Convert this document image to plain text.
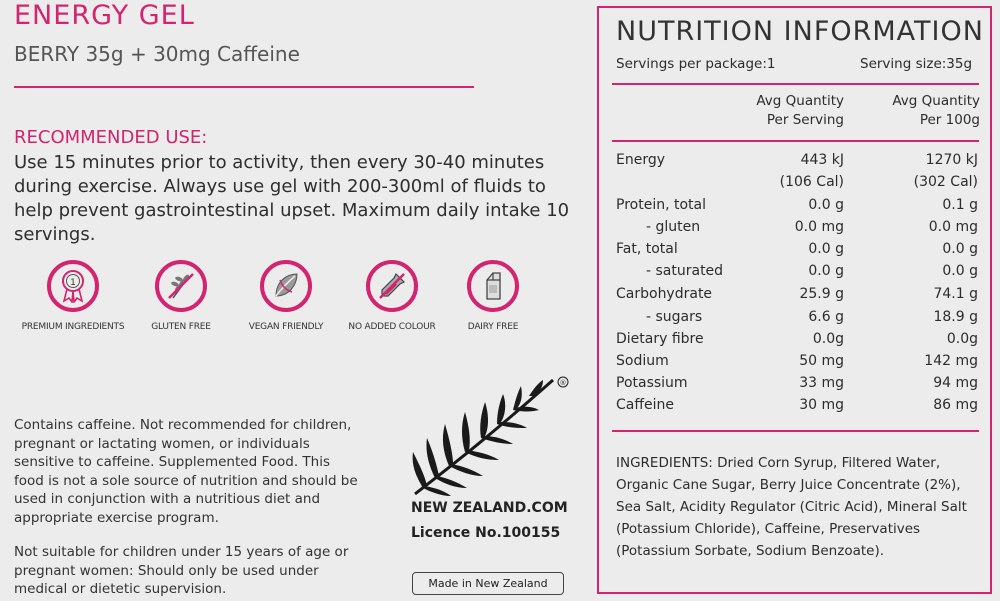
ENERGY GEL
BERRY 35g + 30mg Caffeine
RECOMMENDED USE:
Use 15 minutes prior to activity, then every 30-40 minutes during exercise. Always use gel with 200-300ml of fluids to help prevent gastrointestinal upset. Maximum daily intake 10 servings.
1
PREMIUM INGREDIENTS	GLUTEN FREE	VEGAN FRIENDLY	NO ADDED COLOUR	DAIRY FREE
Contains caffeine. Not recommended for children, pregnant or lactating women, or individuals sensitive to caffeine. Supplemented Food. This food is not a sole source of nutrition and should be used in conjunction with a nutritious diet and appropriate exercise program.
Not suitable for children under 15 years of age or pregnant women: Should only be used under medical or dietetic supervision.
®
NEW ZEALAND.COM
Licence No.100155
Made in New Zealand
NUTRITION INFORMATION
Servings per package:1	Serving size:35g
Avg Quantity
Per Serving
Avg Quantity
Per 100g
Energy	443 kJ	1270 kJ
(106 Cal)	(302 Cal)
Protein, total	0.0 g	0.1 g
- gluten	0.0 mg	0.0 mg
Fat, total	0.0 g	0.0 g
- saturated	0.0 g	0.0 g
Carbohydrate	25.9 g	74.1 g
- sugars	6.6 g	18.9 g
Dietary fibre	0.0g	0.0g
Sodium	50 mg	142 mg
Potassium	33 mg	94 mg
Caffeine	30 mg	86 mg
INGREDIENTS: Dried Corn Syrup, Filtered Water, Organic Cane Sugar, Berry Juice Concentrate (2%), Sea Salt, Acidity Regulator (Citric Acid), Mineral Salt (Potassium Chloride), Caffeine, Preservatives (Potassium Sorbate, Sodium Benzoate).
